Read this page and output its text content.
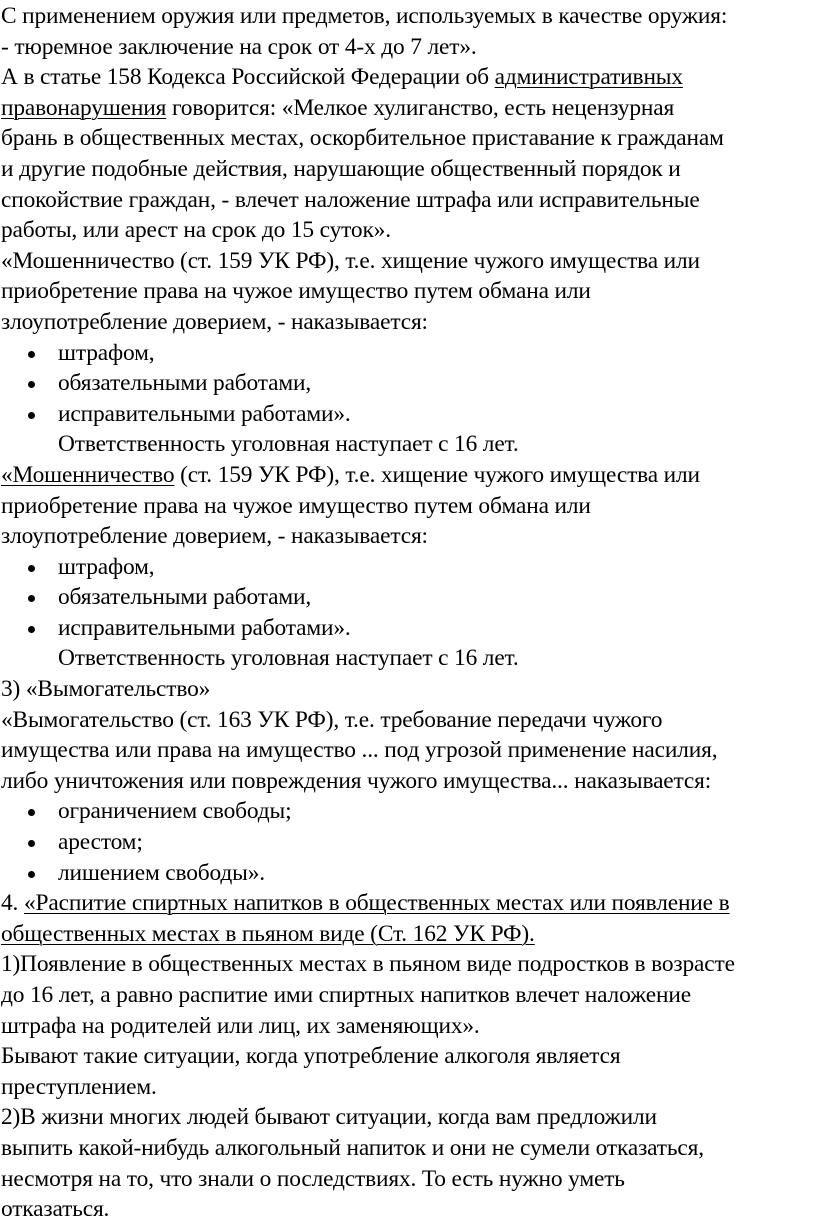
С применением оружия или предметов, используемых в качестве оружия:
- тюремное заключение на срок от 4-х до 7 лет».
А в статье 158 Кодекса Российской Федерации об административных
правонарушения говорится: «Мелкое хулиганство, есть нецензурная
брань в общественных местах, оскорбительное приставание к гражданам
и другие подобные действия, нарушающие общественный порядок и
спокойствие граждан, - влечет наложение штрафа или исправительные
работы, или арест на срок до 15 суток».
«Мошенничество (ст. 159 УК РФ), т.е. хищение чужого имущества или
приобретение права на чужое имущество путем обмана или
злоупотребление доверием, - наказывается:
штрафом,
обязательными работами,
исправительными работами».
Ответственность уголовная наступает с 16 лет.
«Мошенничество (ст. 159 УК РФ), т.е. хищение чужого имущества или
приобретение права на чужое имущество путем обмана или
злоупотребление доверием, - наказывается:
штрафом,
обязательными работами,
исправительными работами».
Ответственность уголовная наступает с 16 лет.
3) «Вымогательство»
«Вымогательство (ст. 163 УК РФ), т.е. требование передачи чужого
имущества или права на имущество ... под угрозой применение насилия,
либо уничтожения или повреждения чужого имущества... наказывается:
ограничением свободы;
арестом;
лишением свободы».
4. «Распитие спиртных напитков в общественных местах или появление в
общественных местах в пьяном виде (Ст. 162 УК РФ).
1)Появление в общественных местах в пьяном виде подростков в возрасте
до 16 лет, а равно распитие ими спиртных напитков влечет наложение
штрафа на родителей или лиц, их заменяющих».
Бывают такие ситуации, когда употребление алкоголя является
преступлением.
2)В жизни многих людей бывают ситуации, когда вам предложили
выпить какой-нибудь алкогольный напиток и они не сумели отказаться,
несмотря на то, что знали о последствиях. То есть нужно уметь
отказаться.
